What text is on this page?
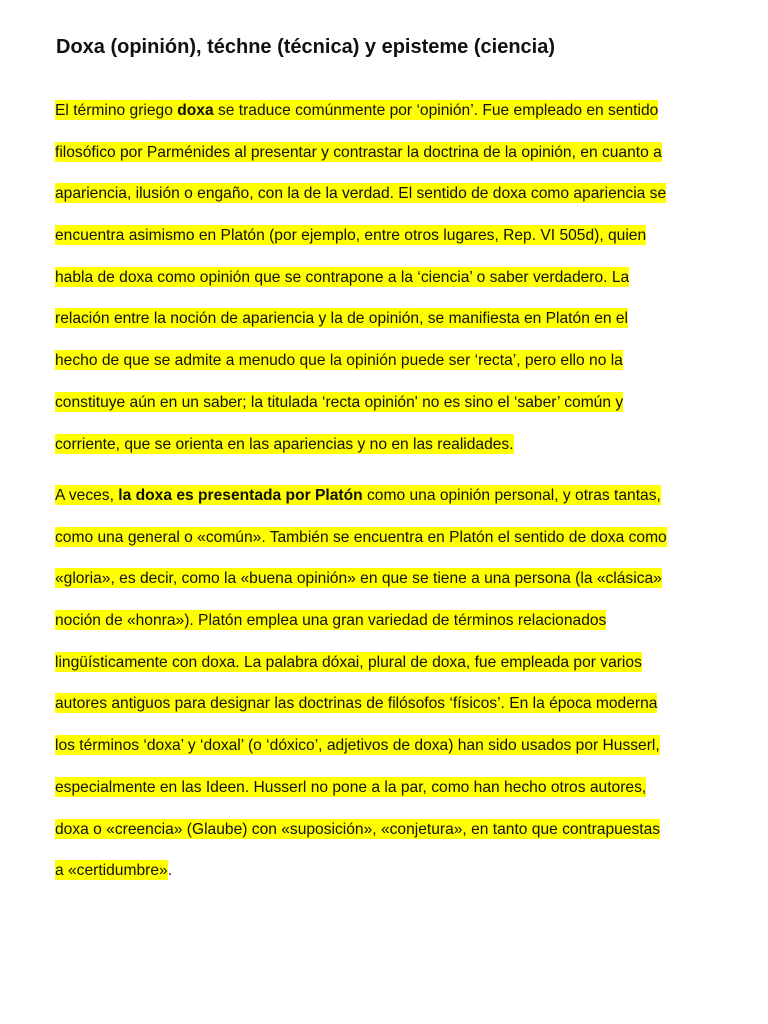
Doxa (opinión), téchne (técnica) y episteme (ciencia)
El término griego doxa se traduce comúnmente por ‘opinión’. Fue empleado en sentido
filosófico por Parménides al presentar y contrastar la doctrina de la opinión, en cuanto a
apariencia, ilusión o engaño, con la de la verdad. El sentido de doxa como apariencia se
encuentra asimismo en Platón (por ejemplo, entre otros lugares, Rep. VI 505d), quien
habla de doxa como opinión que se contrapone a la ‘ciencia’ o saber verdadero. La
relación entre la noción de apariencia y la de opinión, se manifiesta en Platón en el
hecho de que se admite a menudo que la opinión puede ser ‘recta’, pero ello no la
constituye aún en un saber; la titulada ‘recta opinión' no es sino el ‘saber’ común y
corriente, que se orienta en las apariencias y no en las realidades.
A veces, la doxa es presentada por Platón como una opinión personal, y otras tantas,
como una general o «común». También se encuentra en Platón el sentido de doxa como
«gloria», es decir, como la «buena opinión» en que se tiene a una persona (la «clásica»
noción de «honra»). Platón emplea una gran variedad de términos relacionados
lingüísticamente con doxa. La palabra dóxai, plural de doxa, fue empleada por varios
autores antiguos para designar las doctrinas de filósofos ‘físicos’. En la época moderna
los términos ‘doxa’ y ‘doxal’ (o ‘dóxico’, adjetivos de doxa) han sido usados por Husserl,
especialmente en las Ideen. Husserl no pone a la par, como han hecho otros autores,
doxa o «creencia» (Glaube) con «suposición», «conjetura», en tanto que contrapuestas
a «certidumbre».
